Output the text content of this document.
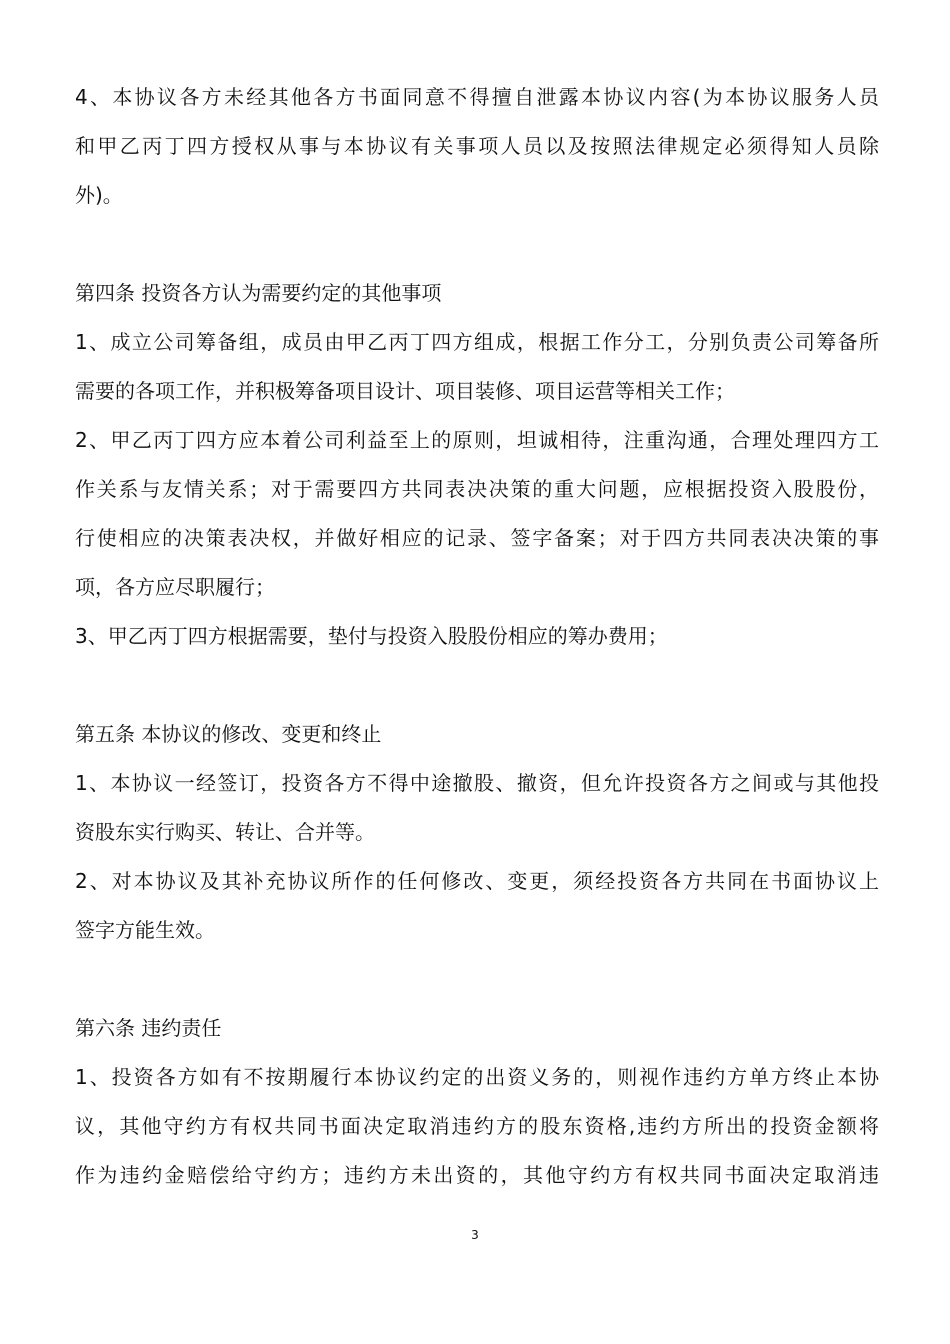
4、本协议各方未经其他各方书面同意不得擅自泄露本协议内容(为本协议服务人员
和甲乙丙丁四方授权从事与本协议有关事项人员以及按照法律规定必须得知人员除
外)。
第四条 投资各方认为需要约定的其他事项
1、成立公司筹备组，成员由甲乙丙丁四方组成，根据工作分工，分别负责公司筹备所
需要的各项工作，并积极筹备项目设计、项目装修、项目运营等相关工作；
2、甲乙丙丁四方应本着公司利益至上的原则，坦诚相待，注重沟通，合理处理四方工
作关系与友情关系；对于需要四方共同表决决策的重大问题，应根据投资入股股份，
行使相应的决策表决权，并做好相应的记录、签字备案；对于四方共同表决决策的事
项，各方应尽职履行；
3、甲乙丙丁四方根据需要，垫付与投资入股股份相应的筹办费用；
第五条 本协议的修改、变更和终止
1、本协议一经签订，投资各方不得中途撤股、撤资，但允许投资各方之间或与其他投
资股东实行购买、转让、合并等。
2、对本协议及其补充协议所作的任何修改、变更，须经投资各方共同在书面协议上
签字方能生效。
第六条 违约责任
1、投资各方如有不按期履行本协议约定的出资义务的，则视作违约方单方终止本协
议，其他守约方有权共同书面决定取消违约方的股东资格,违约方所出的投资金额将
作为违约金赔偿给守约方；违约方未出资的，其他守约方有权共同书面决定取消违
3
